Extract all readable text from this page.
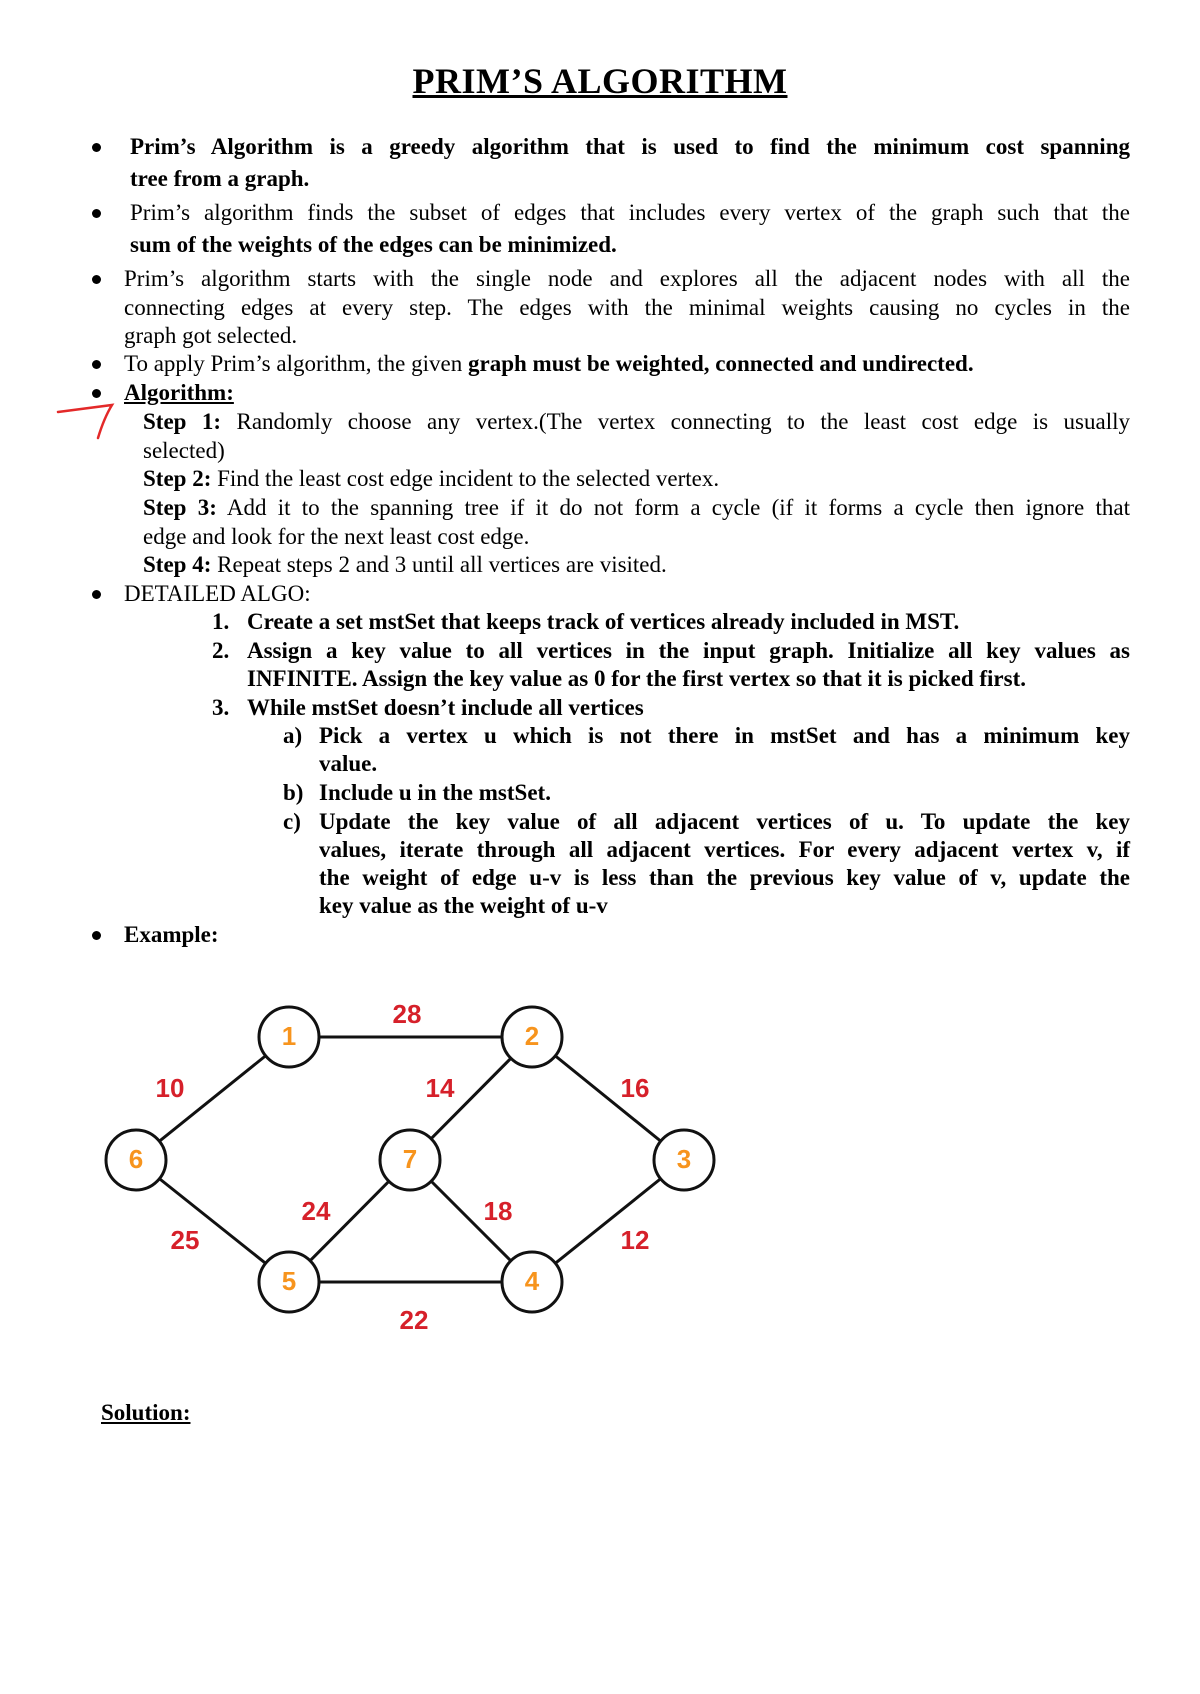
PRIM’S ALGORITHM
Prim’s Algorithm is a greedy algorithm that is used to find the minimum cost spanning
tree from a graph.
Prim’s algorithm finds the subset of edges that includes every vertex of the graph such that the
sum of the weights of the edges can be minimized.
Prim’s algorithm starts with the single node and explores all the adjacent nodes with all the
connecting edges at every step. The edges with the minimal weights causing no cycles in the
graph got selected.
To apply Prim’s algorithm, the given graph must be weighted, connected and undirected.
Algorithm:
Step 1: Randomly choose any vertex.(The vertex connecting to the least cost edge is usually
selected)
Step 2: Find the least cost edge incident to the selected vertex.
Step 3: Add it to the spanning tree if it do not form a cycle (if it forms a cycle then ignore that
edge and look for the next least cost edge.
Step 4: Repeat steps 2 and 3 until all vertices are visited.
DETAILED ALGO:
1. Create a set mstSet that keeps track of vertices already included in MST.
2. Assign a key value to all vertices in the input graph. Initialize all key values as
INFINITE. Assign the key value as 0 for the first vertex so that it is picked first.
3. While mstSet doesn’t include all vertices
a) Pick a vertex u which is not there in mstSet and has a minimum key
value.
b) Include u in the mstSet.
c) Update the key value of all adjacent vertices of u. To update the key
values, iterate through all adjacent vertices. For every adjacent vertex v, if
the weight of edge u-v is less than the previous key value of v, update the
key value as the weight of u-v
Example:
1	2
3
4
5
6	7
28
10	14	16
25
24	18
12
22
Solution:
